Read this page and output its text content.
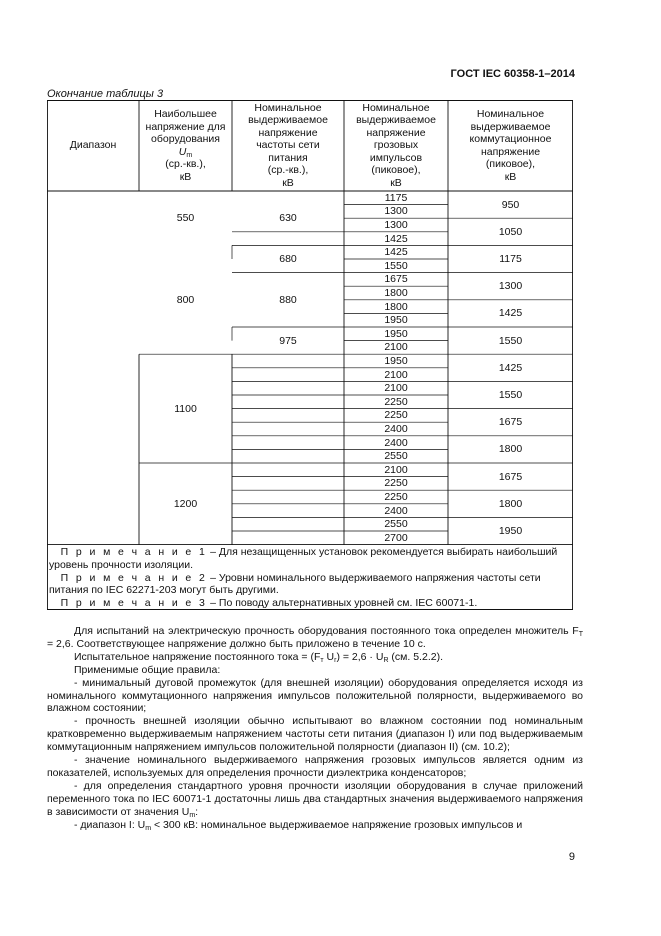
ГОСТ IEC 60358-1–2014
Окончание таблицы 3
Диапазон
Наибольшее
напряжение для
оборудования
$U_m$
(ср.-кв.),
кВ
Номинальное
выдерживаемое
напряжение
частоты сети
питания
(ср.-кв.),
кВ
Номинальное
выдерживаемое
напряжение
грозовых
импульсов
(пиковое),
кВ
Номинальное
выдерживаемое
коммутационное
напряжение
(пиковое),
кВ
550
800
1100
1200
630
680
880
975
1175
1300
1300
1425
1425
1550
1675
1800
1800
1950
1950
2100
1950
2100
2100
2250
2250
2400
2400
2550
2100
2250
2250
2400
2550
2700
950
1050
1175
1300
1425
1550
1425
1550
1675
1800
1675
1800
1950
П р и м е ч а н и е 1 – Для незащищенных установок рекомендуется выбирать наибольший уровень прочности изоляции.
П р и м е ч а н и е 2 – Уровни номинального выдерживаемого напряжения частоты сети питания по IEC 62271-203 могут быть другими.
П р и м е ч а н и е 3 – По поводу альтернативных уровней см. IEC 60071-1.

Для испытаний на электрическую прочность оборудования постоянного тока определен множитель $F_T = 2,6$. Соответствующее напряжение должно быть приложено в течение 10 с.

Испытательное напряжение постоянного тока = ($F_т$ $U_r) = 2,6 \cdot U_R$ (см. 5.2.2).

Применимые общие правила:

- минимальный дуговой промежуток (для внешней изоляции) оборудования определяется исходя из номинального коммутационного напряжения импульсов положительной полярности, выдерживаемого во влажном состоянии;

- прочность внешней изоляции обычно испытывают во влажном состоянии под номинальным кратковременно выдерживаемым напряжением частоты сети питания (диапазон I) или под выдерживаемым коммутационным напряжением импульсов положительной полярности (диапазон II) (см. 10.2);

- значение номинального выдерживаемого напряжения грозовых импульсов является одним из показателей, используемых для определения прочности диэлектрика конденсаторов;

- для определения стандартного уровня прочности изоляции оборудования в случае приложений переменного тока по IEC 60071-1 достаточны лишь два стандартных значения выдерживаемого напряжения в зависимости от значения $U_m$:

- диапазон I: $U_m < 300$ кВ: номинальное выдерживаемое напряжение грозовых импульсов и

9
